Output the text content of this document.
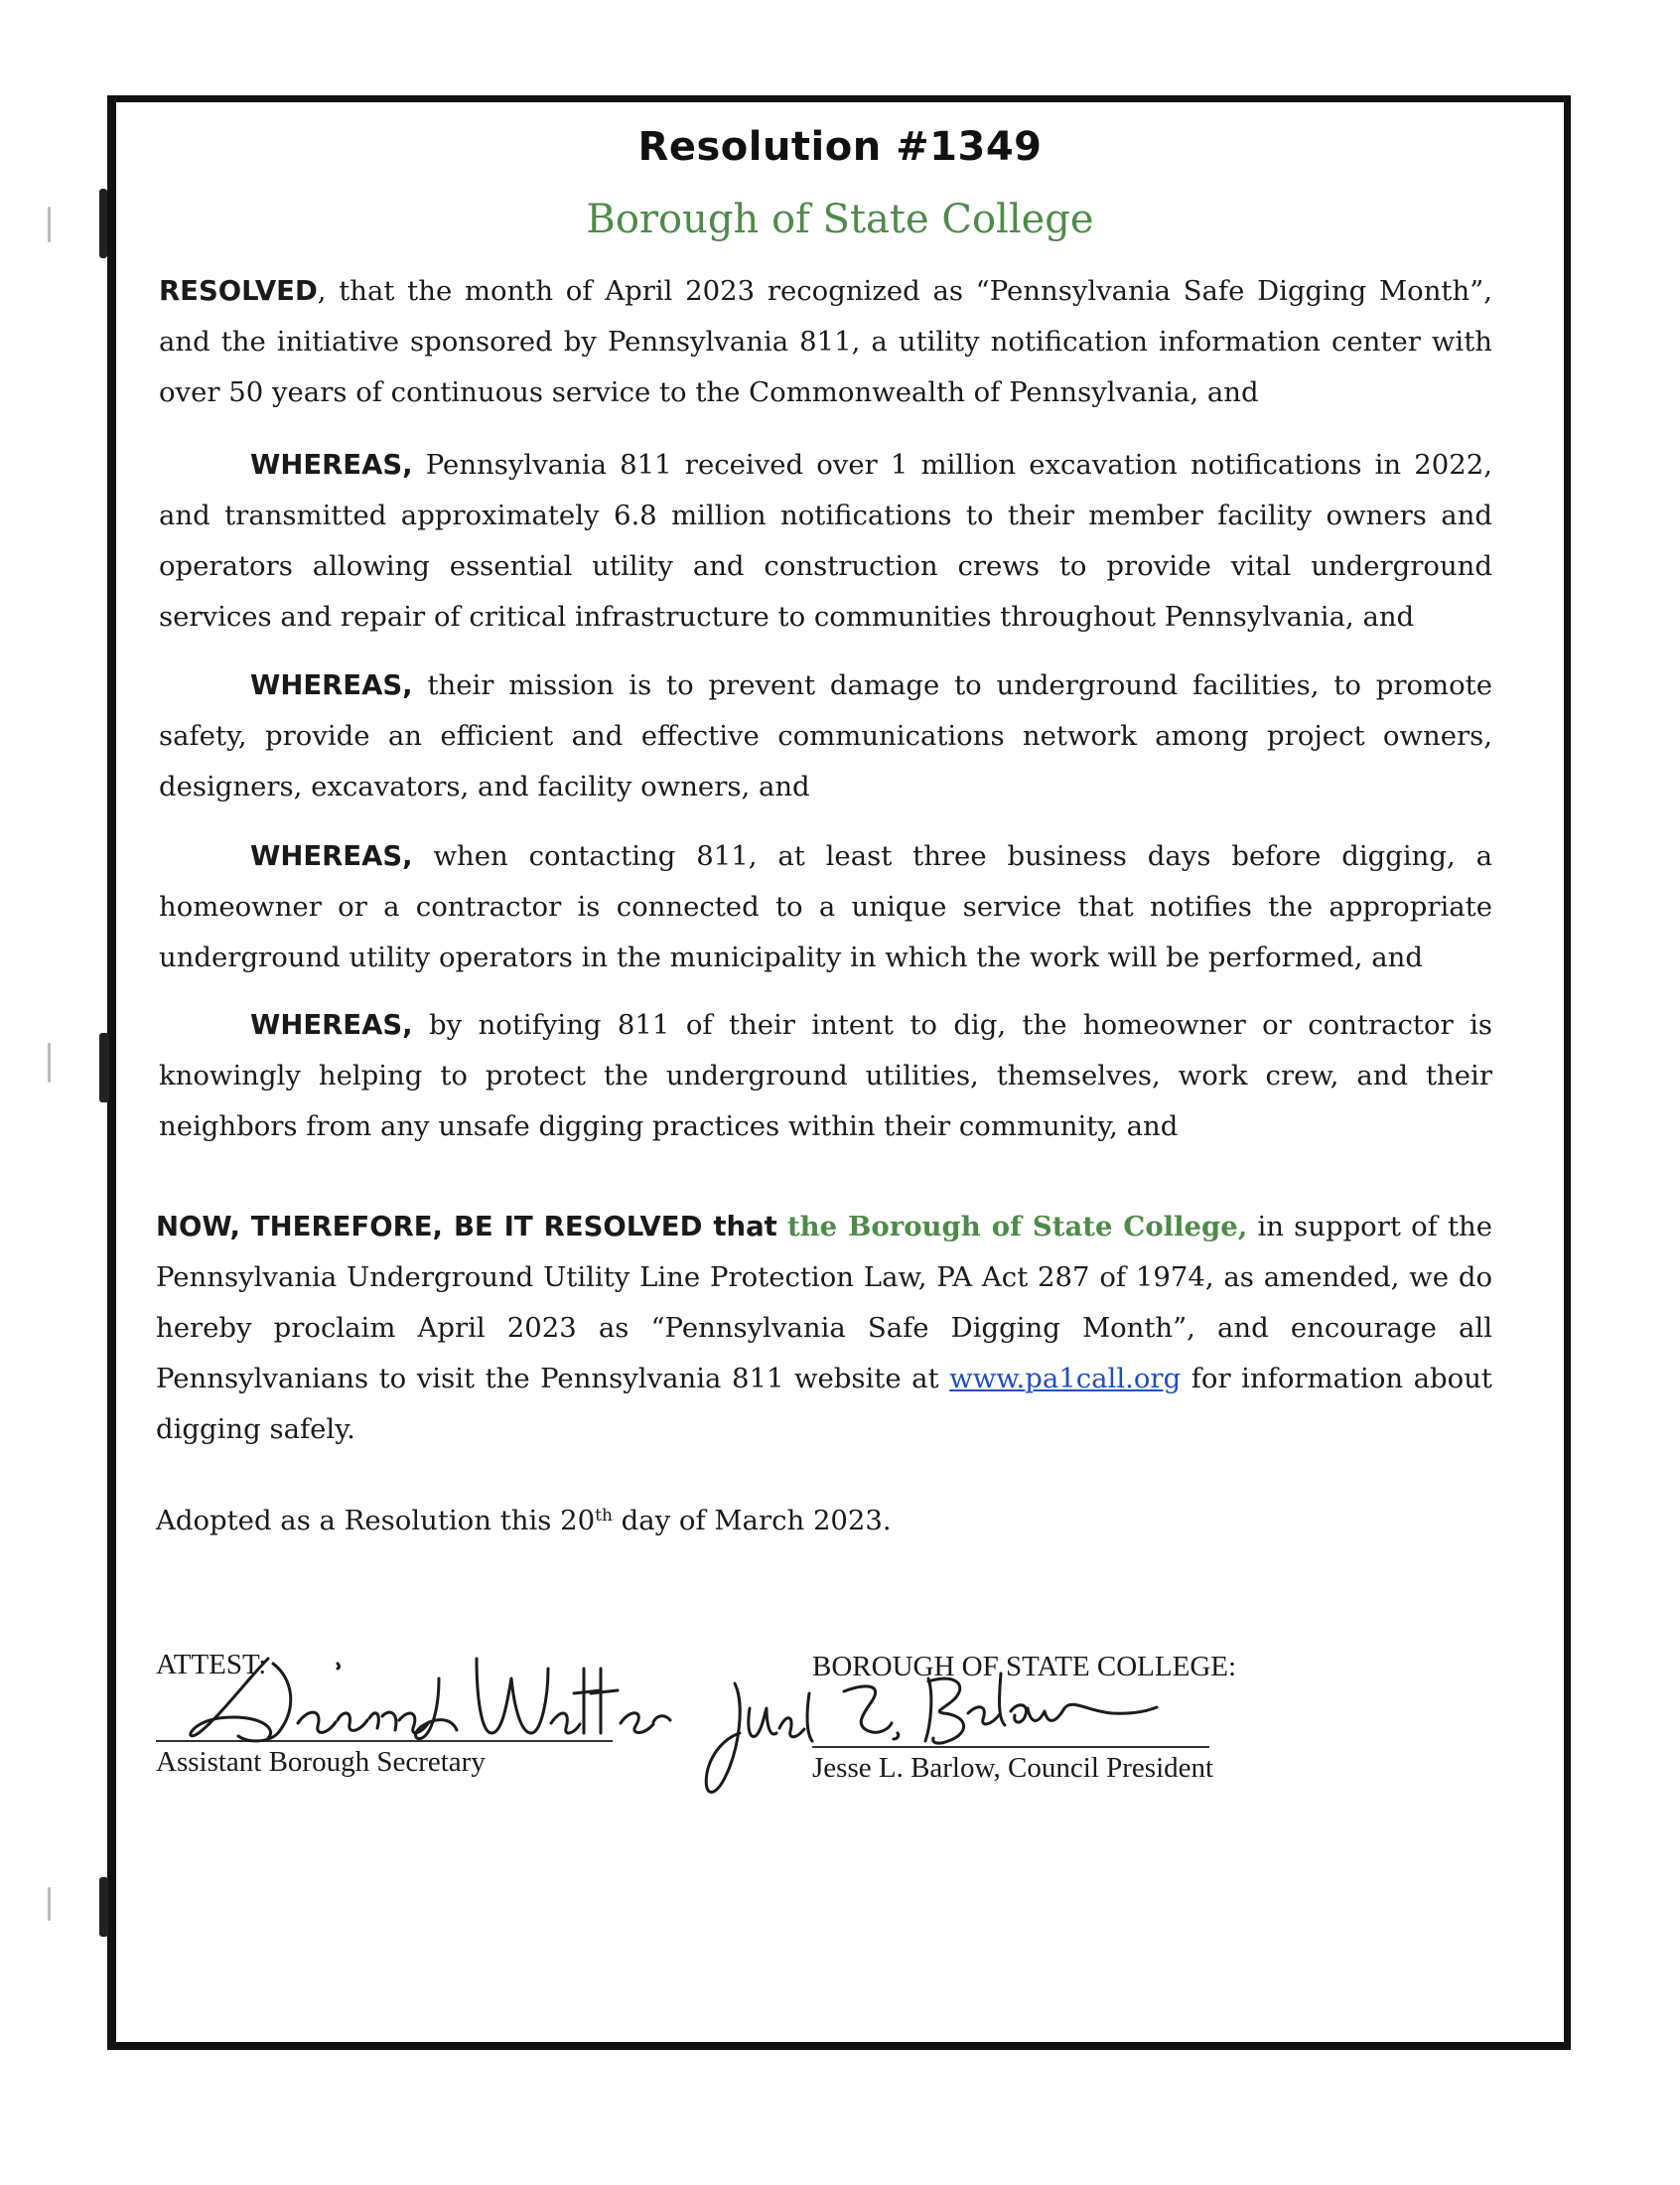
Resolution #1349
Borough of State College
RESOLVED, that the month of April 2023 recognized as “Pennsylvania Safe Digging Month”, and the initiative sponsored by Pennsylvania 811, a utility notification information center with over 50 years of continuous service to the Commonwealth of Pennsylvania, and
WHEREAS, Pennsylvania 811 received over 1 million excavation notifications in 2022, and transmitted approximately 6.8 million notifications to their member facility owners and operators allowing essential utility and construction crews to provide vital underground services and repair of critical infrastructure to communities throughout Pennsylvania, and
WHEREAS, their mission is to prevent damage to underground facilities, to promote safety, provide an efficient and effective communications network among project owners, designers, excavators, and facility owners, and
WHEREAS, when contacting 811, at least three business days before digging, a homeowner or a contractor is connected to a unique service that notifies the appropriate underground utility operators in the municipality in which the work will be performed, and
WHEREAS, by notifying 811 of their intent to dig, the homeowner or contractor is knowingly helping to protect the underground utilities, themselves, work crew, and their neighbors from any unsafe digging practices within their community, and
NOW, THEREFORE, BE IT RESOLVED that the Borough of State College, in support of the Pennsylvania Underground Utility Line Protection Law, PA Act 287 of 1974, as amended, we do hereby proclaim April 2023 as “Pennsylvania Safe Digging Month”, and encourage all Pennsylvanians to visit the Pennsylvania 811 website at www.pa1call.org for information about digging safely.
Adopted as a Resolution this 20th day of March 2023.
ATTEST:
Assistant Borough Secretary
BOROUGH OF STATE COLLEGE:
Jesse L. Barlow, Council President
